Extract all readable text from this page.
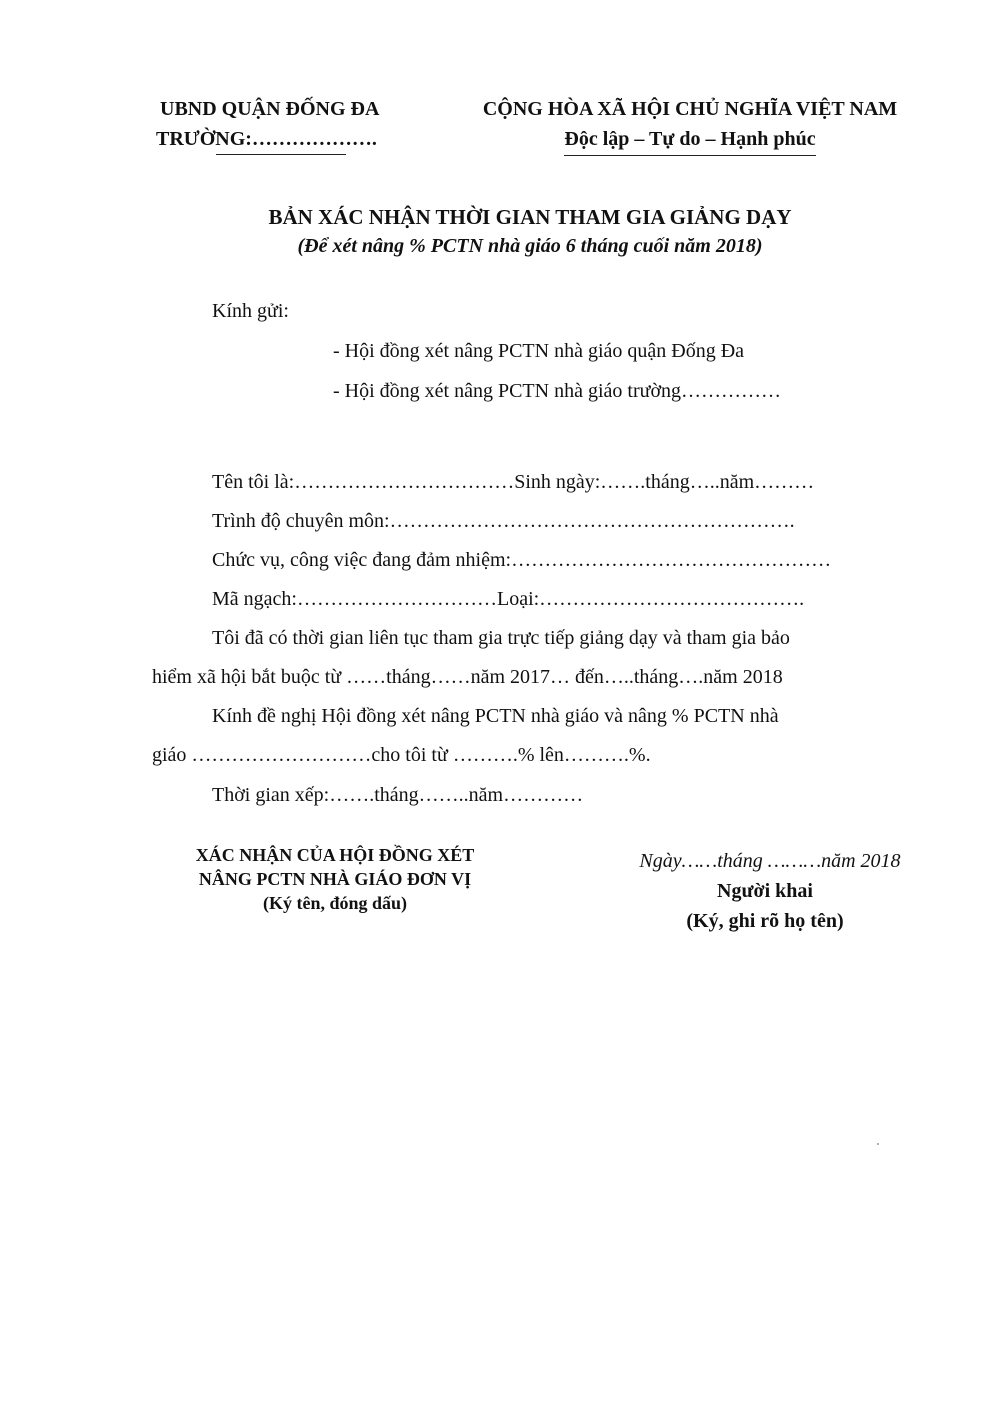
UBND QUẬN ĐỐNG ĐA
TRƯỜNG:……………….
CỘNG HÒA XÃ HỘI CHỦ NGHĨA VIỆT NAM
Độc lập – Tự do – Hạnh phúc
BẢN XÁC NHẬN THỜI GIAN THAM GIA GIẢNG DẠY
(Để xét nâng % PCTN nhà giáo 6 tháng cuối năm 2018)
Kính gửi:
- Hội đồng xét nâng PCTN nhà giáo quận Đống Đa
- Hội đồng xét nâng PCTN nhà giáo trường……………
Tên tôi là:……………………………Sinh ngày:…….tháng…..năm………
Trình độ chuyên môn:…………………………………………………….
Chức vụ, công việc đang đảm nhiệm:…………………………………………
Mã ngạch:…………………………Loại:………………………………….
Tôi đã có thời gian liên tục tham gia trực tiếp giảng dạy và tham gia bảo
hiểm xã hội bắt buộc từ ……tháng……năm 2017… đến…..tháng….năm 2018
Kính đề nghị Hội đồng xét nâng PCTN nhà giáo và nâng % PCTN nhà
giáo ………………………cho tôi từ ……….% lên……….%.
Thời gian xếp:…….tháng……..năm…………
XÁC NHẬN CỦA HỘI ĐỒNG XÉT
NÂNG PCTN NHÀ GIÁO ĐƠN VỊ
(Ký tên, đóng dấu)
Ngày……tháng ………năm 2018
Người khai
(Ký, ghi rõ họ tên)
